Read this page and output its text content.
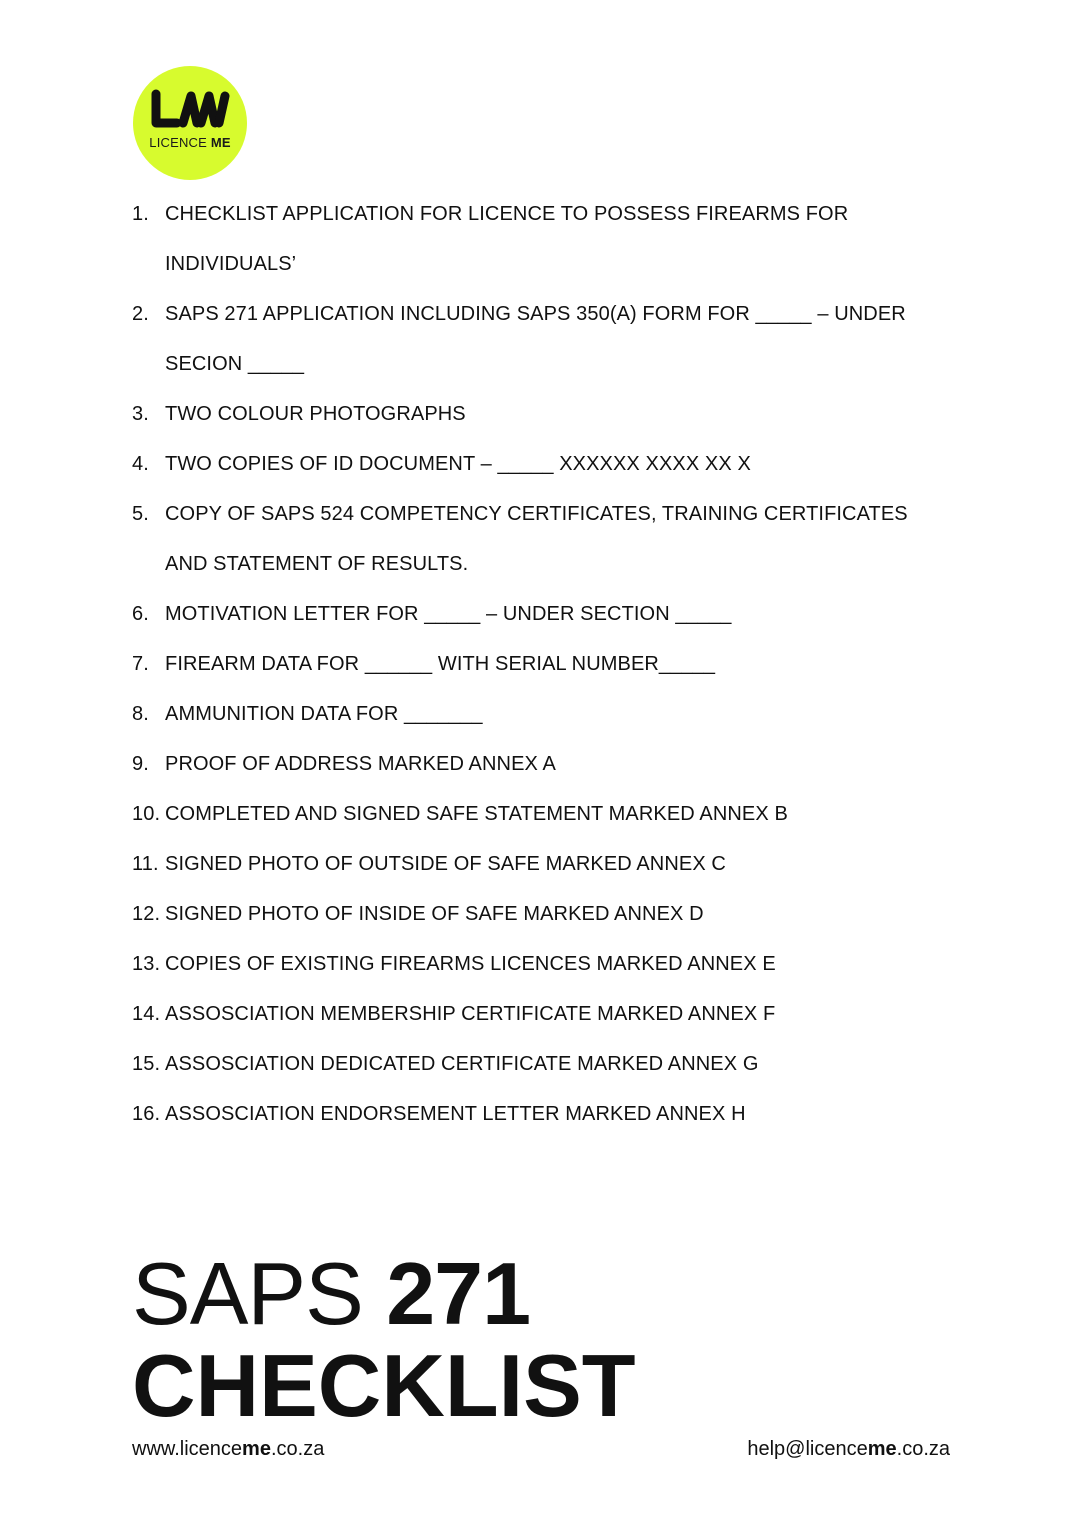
LICENCE ME
1. CHECKLIST APPLICATION FOR LICENCE TO POSSESS FIREARMS FOR INDIVIDUALS’
2. SAPS 271 APPLICATION INCLUDING SAPS 350(A) FORM FOR _____ – UNDER SECION _____
3. TWO COLOUR PHOTOGRAPHS
4. TWO COPIES OF ID DOCUMENT – _____ XXXXXX XXXX XX X
5. COPY OF SAPS 524 COMPETENCY CERTIFICATES, TRAINING CERTIFICATES AND STATEMENT OF RESULTS.
6. MOTIVATION LETTER FOR _____ – UNDER SECTION _____
7. FIREARM DATA FOR ______ WITH SERIAL NUMBER_____
8. AMMUNITION DATA FOR _______
9. PROOF OF ADDRESS MARKED ANNEX A
10. COMPLETED AND SIGNED SAFE STATEMENT MARKED ANNEX B
11. SIGNED PHOTO OF OUTSIDE OF SAFE MARKED ANNEX C
12. SIGNED PHOTO OF INSIDE OF SAFE MARKED ANNEX D
13. COPIES OF EXISTING FIREARMS LICENCES MARKED ANNEX E
14. ASSOSCIATION MEMBERSHIP CERTIFICATE MARKED ANNEX F
15. ASSOSCIATION DEDICATED CERTIFICATE MARKED ANNEX G
16. ASSOSCIATION ENDORSEMENT LETTER MARKED ANNEX H
SAPS 271
CHECKLIST
www.licenceme.co.za	help@licenceme.co.za
